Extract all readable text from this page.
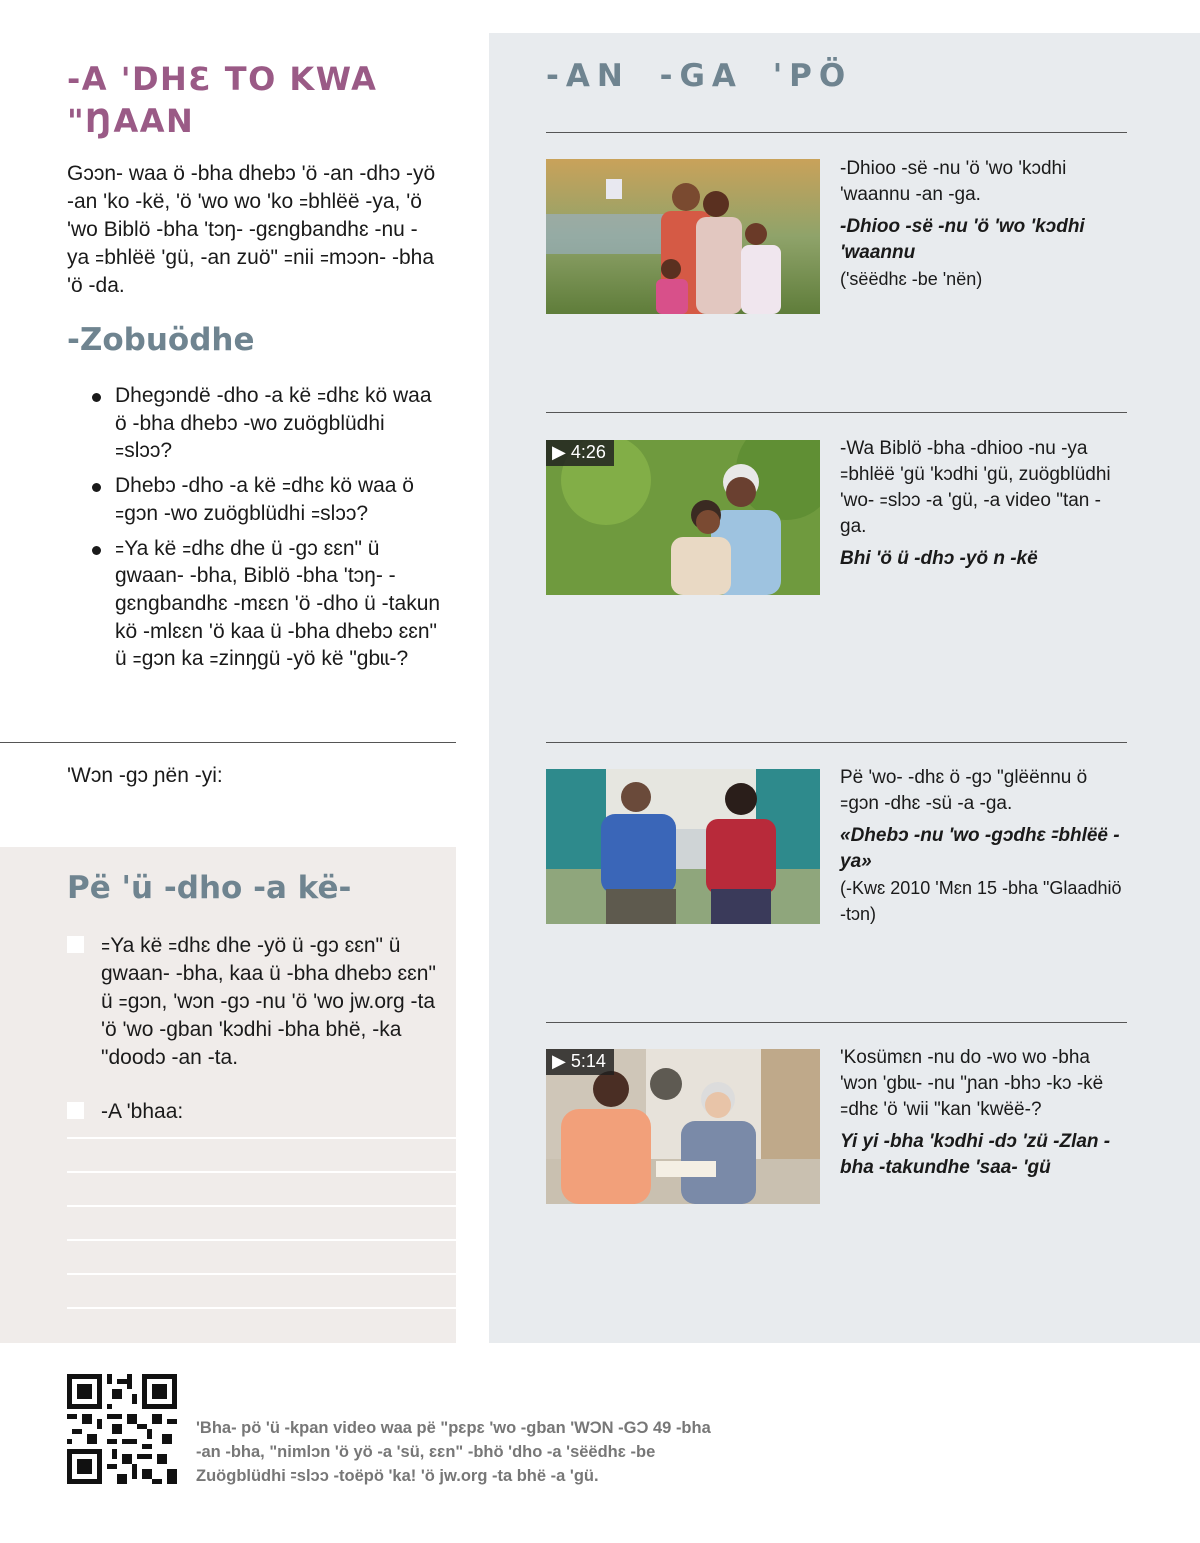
-A 'DHƐ TO KWA "ŊAAN

Gɔɔn- waa ö -bha dhebɔ 'ö -an -dhɔ -yö -an 'ko -kë, 'ö 'wo wo 'ko ꞊bhlëë -ya, 'ö 'wo Biblö -bha 'tɔŋ- -gɛngbandhɛ -nu -ya ꞊bhlëë 'gü, -an zuö" ꞊nii ꞊mɔɔn- -bha 'ö -da.

-Zobuödhe
Dhegɔndë -dho -a kë ꞊dhɛ kö waa ö -bha dhebɔ -wo zuögblüdhi ꞊slɔɔ?
Dhebɔ -dho -a kë ꞊dhɛ kö waa ö ꞊gɔn -wo zuögblüdhi ꞊slɔɔ?
꞊Ya kë ꞊dhɛ dhe ü -gɔ ɛɛn" ü gwaan- -bha, Biblö -bha 'tɔŋ- -gɛngbandhɛ -mɛɛn 'ö -dho ü -takun kö -mlɛɛn 'ö kaa ü -bha dhebɔ ɛɛn" ü ꞊gɔn ka ꞊zinŋgü -yö kë "gbɩɩ-?
'Wɔn -gɔ ɲën -yi:
Pë 'ü -dho -a kë-
꞊Ya kë ꞊dhɛ dhe -yö ü -gɔ ɛɛn" ü gwaan- -bha, kaa ü -bha dhebɔ ɛɛn" ü ꞊gɔn, 'wɔn -gɔ -nu 'ö 'wo jw.org -ta 'ö 'wo -gban 'kɔdhi -bha bhë, -ka "doodɔ -an -ta.
-A 'bhaa:
-AN -GA 'PÖ
-Dhioo -së -nu 'ö 'wo 'kɔdhi 'waannu -an -ga.
-Dhioo -së -nu 'ö 'wo 'kɔdhi 'waannu
('sëëdhɛ -be 'nën)
▶ 4:26	-Wa Biblö -bha -dhioo -nu -ya ꞊bhlëë 'gü 'kɔdhi 'gü, zuögblüdhi 'wo- ꞊slɔɔ -a 'gü, -a video "tan -ga.
Bhi 'ö ü -dhɔ -yö n -kë
Pë 'wo- -dhɛ ö -gɔ "glëënnu ö ꞊gɔn -dhɛ -sü -a -ga.
«Dhebɔ -nu 'wo -gɔdhɛ ꞊bhlëë -ya»
(-Kwɛ 2010 'Mɛn 15 -bha "Glaadhiö -tɔn)
▶ 5:14	'Kosümɛn -nu do -wo wo -bha 'wɔn 'gbɩɩ- -nu "ɲan -bhɔ -kɔ -kë ꞊dhɛ 'ö 'wii "kan 'kwëë-?
Yi yi -bha 'kɔdhi -dɔ 'zü -Zlan -bha -takundhe 'saa- 'gü

'Bha- pö 'ü -kpan video waa pë "pɛpɛ 'wo -gban 'WƆN -GƆ 49 -bha -an -bha, "nimlɔn 'ö yö -a 'sü, ɛɛn" -bhö 'dho -a 'sëëdhɛ -be Zuögblüdhi ꞊slɔɔ -toëpö 'ka! 'ö jw.org -ta bhë -a 'gü.
